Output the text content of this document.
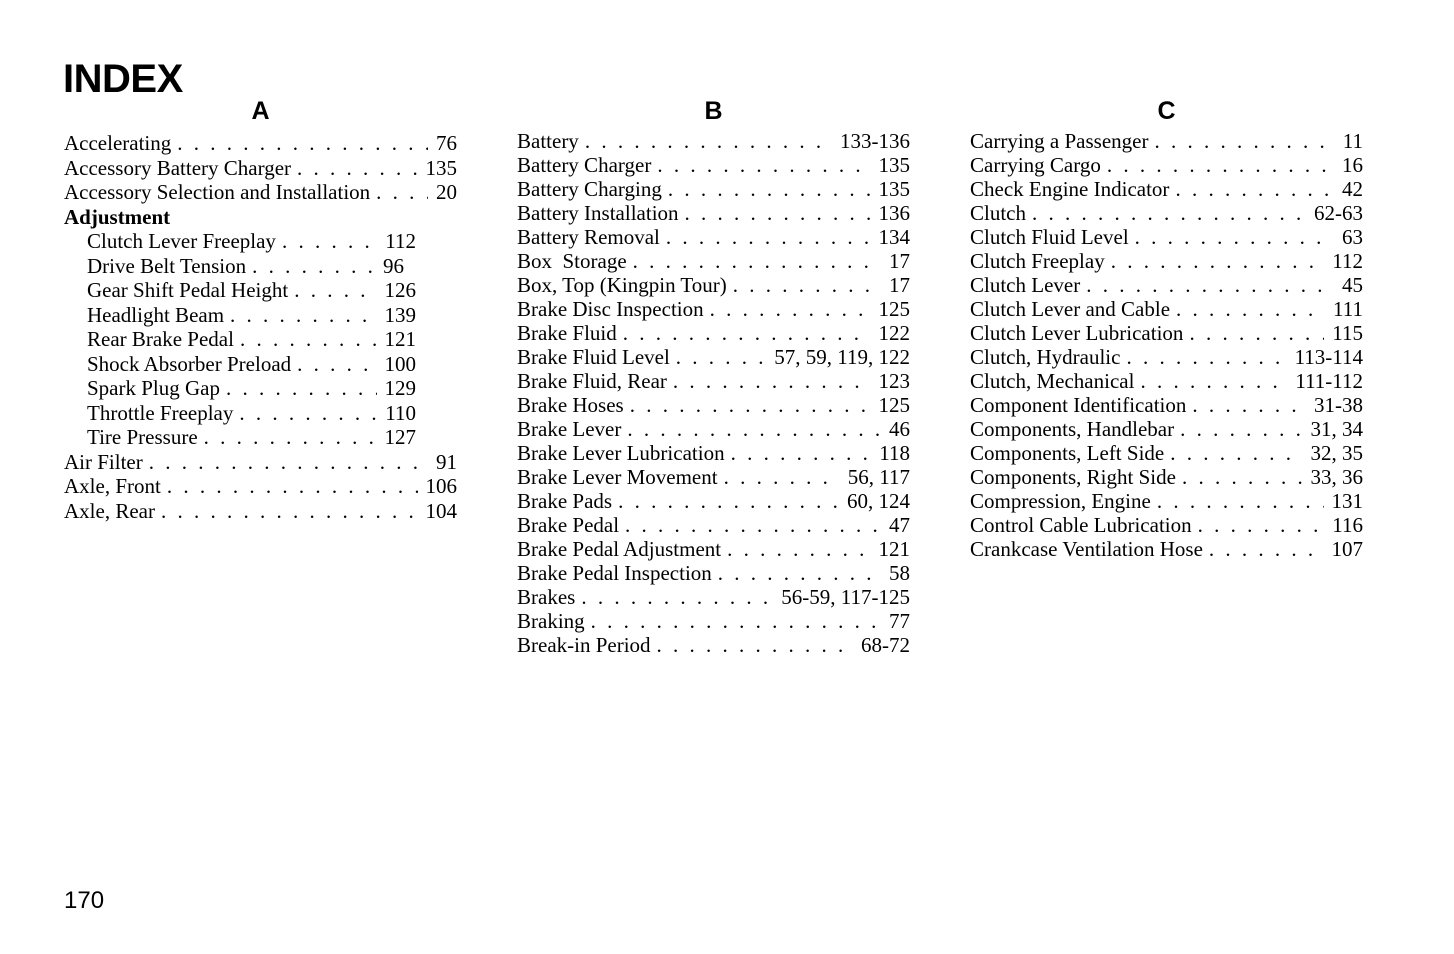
INDEX
A
Accelerating . . .	76
Accessory Battery Charger . . .	135
Accessory Selection and Installation . . .	20
Adjustment
Clutch Lever Freeplay . . .	112
Drive Belt Tension . . .	96
Gear Shift Pedal Height . . .	126
Headlight Beam . . .	139
Rear Brake Pedal . . .	121
Shock Absorber Preload . . .	100
Spark Plug Gap . . .	129
Throttle Freeplay . . .	110
Tire Pressure . . .	127
Air Filter . . .	91
Axle, Front . . .	106
Axle, Rear . . .	104
B
Battery . . .	133-136
Battery Charger . . .	135
Battery Charging . . .	135
Battery Installation . . .	136
Battery Removal . . .	134
Box  Storage . . .	17
Box, Top (Kingpin Tour) . . .	17
Brake Disc Inspection . . .	125
Brake Fluid . . .	122
Brake Fluid Level . . .	57, 59, 119, 122
Brake Fluid, Rear . . .	123
Brake Hoses . . .	125
Brake Lever . . .	46
Brake Lever Lubrication . . .	118
Brake Lever Movement . . .	56, 117
Brake Pads . . .	60, 124
Brake Pedal . . .	47
Brake Pedal Adjustment . . .	121
Brake Pedal Inspection . . .	58
Brakes . . .	56-59, 117-125
Braking . . .	77
Break-in Period . . .	68-72
C
Carrying a Passenger . . .	11
Carrying Cargo . . .	16
Check Engine Indicator . . .	42
Clutch . . .	62-63
Clutch Fluid Level . . .	63
Clutch Freeplay . . .	112
Clutch Lever . . .	45
Clutch Lever and Cable . . .	111
Clutch Lever Lubrication . . .	115
Clutch, Hydraulic . . .	113-114
Clutch, Mechanical . . .	111-112
Component Identification . . .	31-38
Components, Handlebar . . .	31, 34
Components, Left Side . . .	32, 35
Components, Right Side . . .	33, 36
Compression, Engine . . .	131
Control Cable Lubrication . . .	116
Crankcase Ventilation Hose . . .	107
170
